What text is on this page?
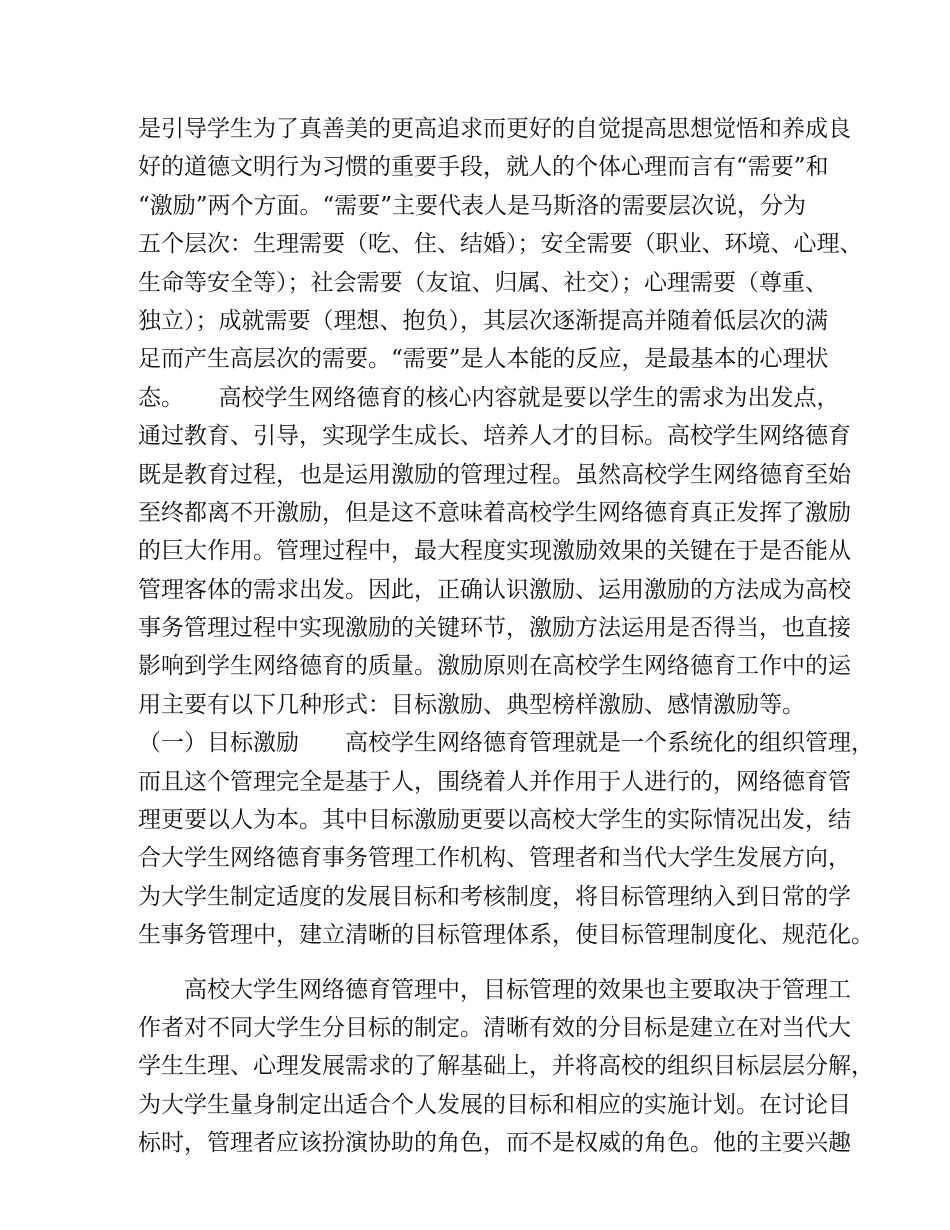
是引导学生为了真善美的更高追求而更好的自觉提高思想觉悟和养成良
好的道德文明行为习惯的重要手段，就人的个体心理而言有“需要”和
“激励”两个方面。“需要”主要代表人是马斯洛的需要层次说，分为
五个层次：生理需要（吃、住、结婚）；安全需要（职业、环境、心理、
生命等安全等）；社会需要（友谊、归属、社交）；心理需要（尊重、
独立）；成就需要（理想、抱负），其层次逐渐提高并随着低层次的满
足而产生高层次的需要。“需要”是人本能的反应，是最基本的心理状
态。　　高校学生网络德育的核心内容就是要以学生的需求为出发点，
通过教育、引导，实现学生成长、培养人才的目标。高校学生网络德育
既是教育过程，也是运用激励的管理过程。虽然高校学生网络德育至始
至终都离不开激励，但是这不意味着高校学生网络德育真正发挥了激励
的巨大作用。管理过程中，最大程度实现激励效果的关键在于是否能从
管理客体的需求出发。因此，正确认识激励、运用激励的方法成为高校
事务管理过程中实现激励的关键环节，激励方法运用是否得当，也直接
影响到学生网络德育的质量。激励原则在高校学生网络德育工作中的运
用主要有以下几种形式：目标激励、典型榜样激励、感情激励等。
（一）目标激励　　高校学生网络德育管理就是一个系统化的组织管理，
而且这个管理完全是基于人，围绕着人并作用于人进行的，网络德育管
理更要以人为本。其中目标激励更要以高校大学生的实际情况出发，结
合大学生网络德育事务管理工作机构、管理者和当代大学生发展方向，
为大学生制定适度的发展目标和考核制度，将目标管理纳入到日常的学
生事务管理中，建立清晰的目标管理体系，使目标管理制度化、规范化。
　　高校大学生网络德育管理中，目标管理的效果也主要取决于管理工
作者对不同大学生分目标的制定。清晰有效的分目标是建立在对当代大
学生生理、心理发展需求的了解基础上，并将高校的组织目标层层分解，
为大学生量身制定出适合个人发展的目标和相应的实施计划。在讨论目
标时，管理者应该扮演协助的角色，而不是权威的角色。他的主要兴趣
